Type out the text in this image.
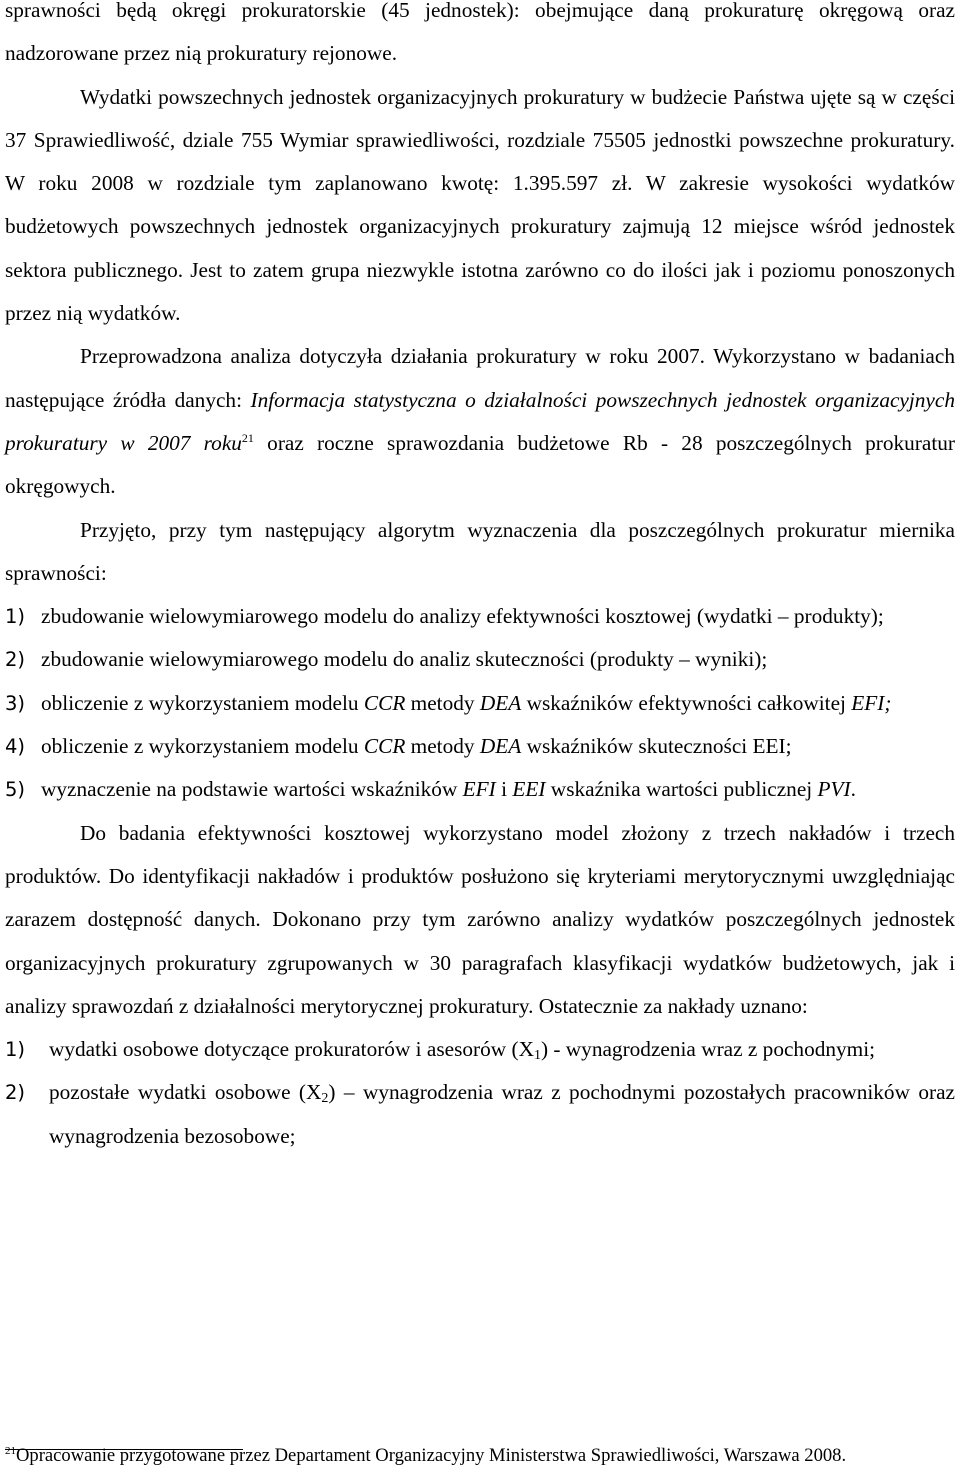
sprawności będą okręgi prokuratorskie (45 jednostek): obejmujące daną prokuraturę okręgową oraz nadzorowane przez nią prokuratury rejonowe.

Wydatki powszechnych jednostek organizacyjnych prokuratury w budżecie Państwa ujęte są w części 37 Sprawiedliwość, dziale 755 Wymiar sprawiedliwości, rozdziale 75505 jednostki powszechne prokuratury. W roku 2008 w rozdziale tym zaplanowano kwotę: 1.395.597 zł. W zakresie wysokości wydatków budżetowych powszechnych jednostek organizacyjnych prokuratury zajmują 12 miejsce wśród jednostek sektora publicznego. Jest to zatem grupa niezwykle istotna zarówno co do ilości jak i poziomu ponoszonych przez nią wydatków.

Przeprowadzona analiza dotyczyła działania prokuratury w roku 2007. Wykorzystano w badaniach następujące źródła danych: Informacja statystyczna o działalności powszechnych jednostek organizacyjnych prokuratury w 2007 roku$^{21}$ oraz roczne sprawozdania budżetowe Rb - 28 poszczególnych prokuratur okręgowych.

Przyjęto, przy tym następujący algorytm wyznaczenia dla poszczególnych prokuratur miernika sprawności:

1) zbudowanie wielowymiarowego modelu do analizy efektywności kosztowej (wydatki – produkty);
2) zbudowanie wielowymiarowego modelu do analiz skuteczności (produkty – wyniki);
3) obliczenie z wykorzystaniem modelu CCR metody DEA wskaźników efektywności całkowitej EFI;
4) obliczenie z wykorzystaniem modelu CCR metody DEA wskaźników skuteczności EEI;
5) wyznaczenie na podstawie wartości wskaźników EFI i EEI wskaźnika wartości publicznej PVI.

Do badania efektywności kosztowej wykorzystano model złożony z trzech nakładów i trzech produktów. Do identyfikacji nakładów i produktów posłużono się kryteriami merytorycznymi uwzględniając zarazem dostępność danych. Dokonano przy tym zarówno analizy wydatków poszczególnych jednostek organizacyjnych prokuratury zgrupowanych w 30 paragrafach klasyfikacji wydatków budżetowych, jak i analizy sprawozdań z działalności merytorycznej prokuratury. Ostatecznie za nakłady uznano:

1)	wydatki osobowe dotyczące prokuratorów i asesorów $(X_1)$ - wynagrodzenia wraz z pochodnymi;
2)	pozostałe wydatki osobowe $(X_2)$ – wynagrodzenia wraz z pochodnymi pozostałych pracowników oraz wynagrodzenia bezosobowe;
$^{21}$Opracowanie przygotowane przez Departament Organizacyjny Ministerstwa Sprawiedliwości, Warszawa 2008.
